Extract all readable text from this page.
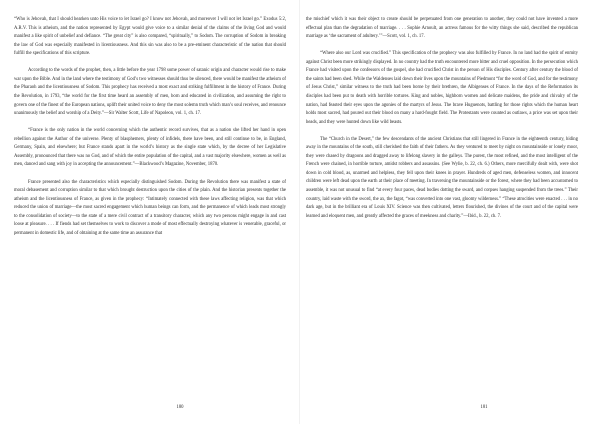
“Who is Jehovah, that I should hearken unto His voice to let Israel go? I know not Jehovah, and moreover I will not let Israel go.” Exodus 5:2, A.R.V. This is atheism, and the nation represented by Egypt would give voice to a similar denial of the claims of the living God and would manifest a like spirit of unbelief and defiance. “The great city” is also compared, “spiritually,” to Sodom. The corruption of Sodom in breaking the law of God was especially manifested in licentiousness. And this sin was also to be a pre-eminent characteristic of the nation that should fulfill the specifications of this scripture.

According to the words of the prophet, then, a little before the year 1798 some power of satanic origin and character would rise to make war upon the Bible. And in the land where the testimony of God’s two witnesses should thus be silenced, there would be manifest the atheism of the Pharaoh and the licentiousness of Sodom. This prophecy has received a most exact and striking fulfillment in the history of France. During the Revolution, in 1793, “the world for the first time heard an assembly of men, born and educated in civilization, and assuming the right to govern one of the finest of the European nations, uplift their united voice to deny the most solemn truth which man’s soul receives, and renounce unanimously the belief and worship of a Deity.”—Sir Walter Scott, Life of Napoleon, vol. 1, ch. 17.

“France is the only nation in the world concerning which the authentic record survives, that as a nation she lifted her hand in open rebellion against the Author of the universe. Plenty of blasphemers, plenty of infidels, there have been, and still continue to be, in England, Germany, Spain, and elsewhere; but France stands apart in the world’s history as the single state which, by the decree of her Legislative Assembly, pronounced that there was no God, and of which the entire population of the capital, and a vast majority elsewhere, women as well as men, danced and sang with joy in accepting the announcement.”—Blackwood’s Magazine, November, 1870.

France presented also the characteristics which especially distinguished Sodom. During the Revolution there was manifest a state of moral debasement and corruption similar to that which brought destruction upon the cities of the plain. And the historian presents together the atheism and the licentiousness of France, as given in the prophecy: “Intimately connected with these laws affecting religion, was that which reduced the union of marriage—the most sacred engagement which human beings can form, and the permanence of which leads most strongly to the consolidation of society—to the state of a mere civil contract of a transitory character, which any two persons might engage in and cast loose at pleasure. . . . If fiends had set themselves to work to discover a mode of most effectually destroying whatever is venerable, graceful, or permanent in domestic life, and of obtaining at the same time an assurance that

180

the mischief which it was their object to create should be perpetuated from one generation to another, they could not have invented a more effectual plan than the degradation of marriage. . . . Sophie Arnoult, an actress famous for the witty things she said, described the republican marriage as ‘the sacrament of adultery.’”—Scott, vol. 1, ch. 17.

“Where also our Lord was crucified.” This specification of the prophecy was also fulfilled by France. In no land had the spirit of enmity against Christ been more strikingly displayed. In no country had the truth encountered more bitter and cruel opposition. In the persecution which France had visited upon the confessors of the gospel, she had crucified Christ in the person of His disciples. Century after century the blood of the saints had been shed. While the Waldenses laid down their lives upon the mountains of Piedmont “for the word of God, and for the testimony of Jesus Christ,” similar witness to the truth had been borne by their brethren, the Albigenses of France. In the days of the Reformation its disciples had been put to death with horrible tortures. King and nobles, highborn women and delicate maidens, the pride and chivalry of the nation, had feasted their eyes upon the agonies of the martyrs of Jesus. The brave Huguenots, battling for those rights which the human heart holds most sacred, had poured out their blood on many a hard-fought field. The Protestants were counted as outlaws, a price was set upon their heads, and they were hunted down like wild beasts.

The “Church in the Desert,” the few descendants of the ancient Christians that still lingered in France in the eighteenth century, hiding away in the mountains of the south, still cherished the faith of their fathers. As they ventured to meet by night on mountainside or lonely moor, they were chased by dragoons and dragged away to lifelong slavery in the galleys. The purest, the most refined, and the most intelligent of the French were chained, in horrible torture, amidst robbers and assassins. (See Wylie, b. 22, ch. 6.) Others, more mercifully dealt with, were shot down in cold blood, as, unarmed and helpless, they fell upon their knees in prayer. Hundreds of aged men, defenseless women, and innocent children were left dead upon the earth at their place of meeting. In traversing the mountainside or the forest, where they had been accustomed to assemble, it was not unusual to find “at every four paces, dead bodies dotting the sward, and corpses hanging suspended from the trees.” Their country, laid waste with the sword, the ax, the fagot, “was converted into one vast, gloomy wilderness.” “These atrocities were enacted . . . in no dark age, but in the brilliant era of Louis XIV. Science was then cultivated, letters flourished, the divines of the court and of the capital were learned and eloquent men, and greatly affected the graces of meekness and charity.”—Ibid., b. 22, ch. 7.

181
